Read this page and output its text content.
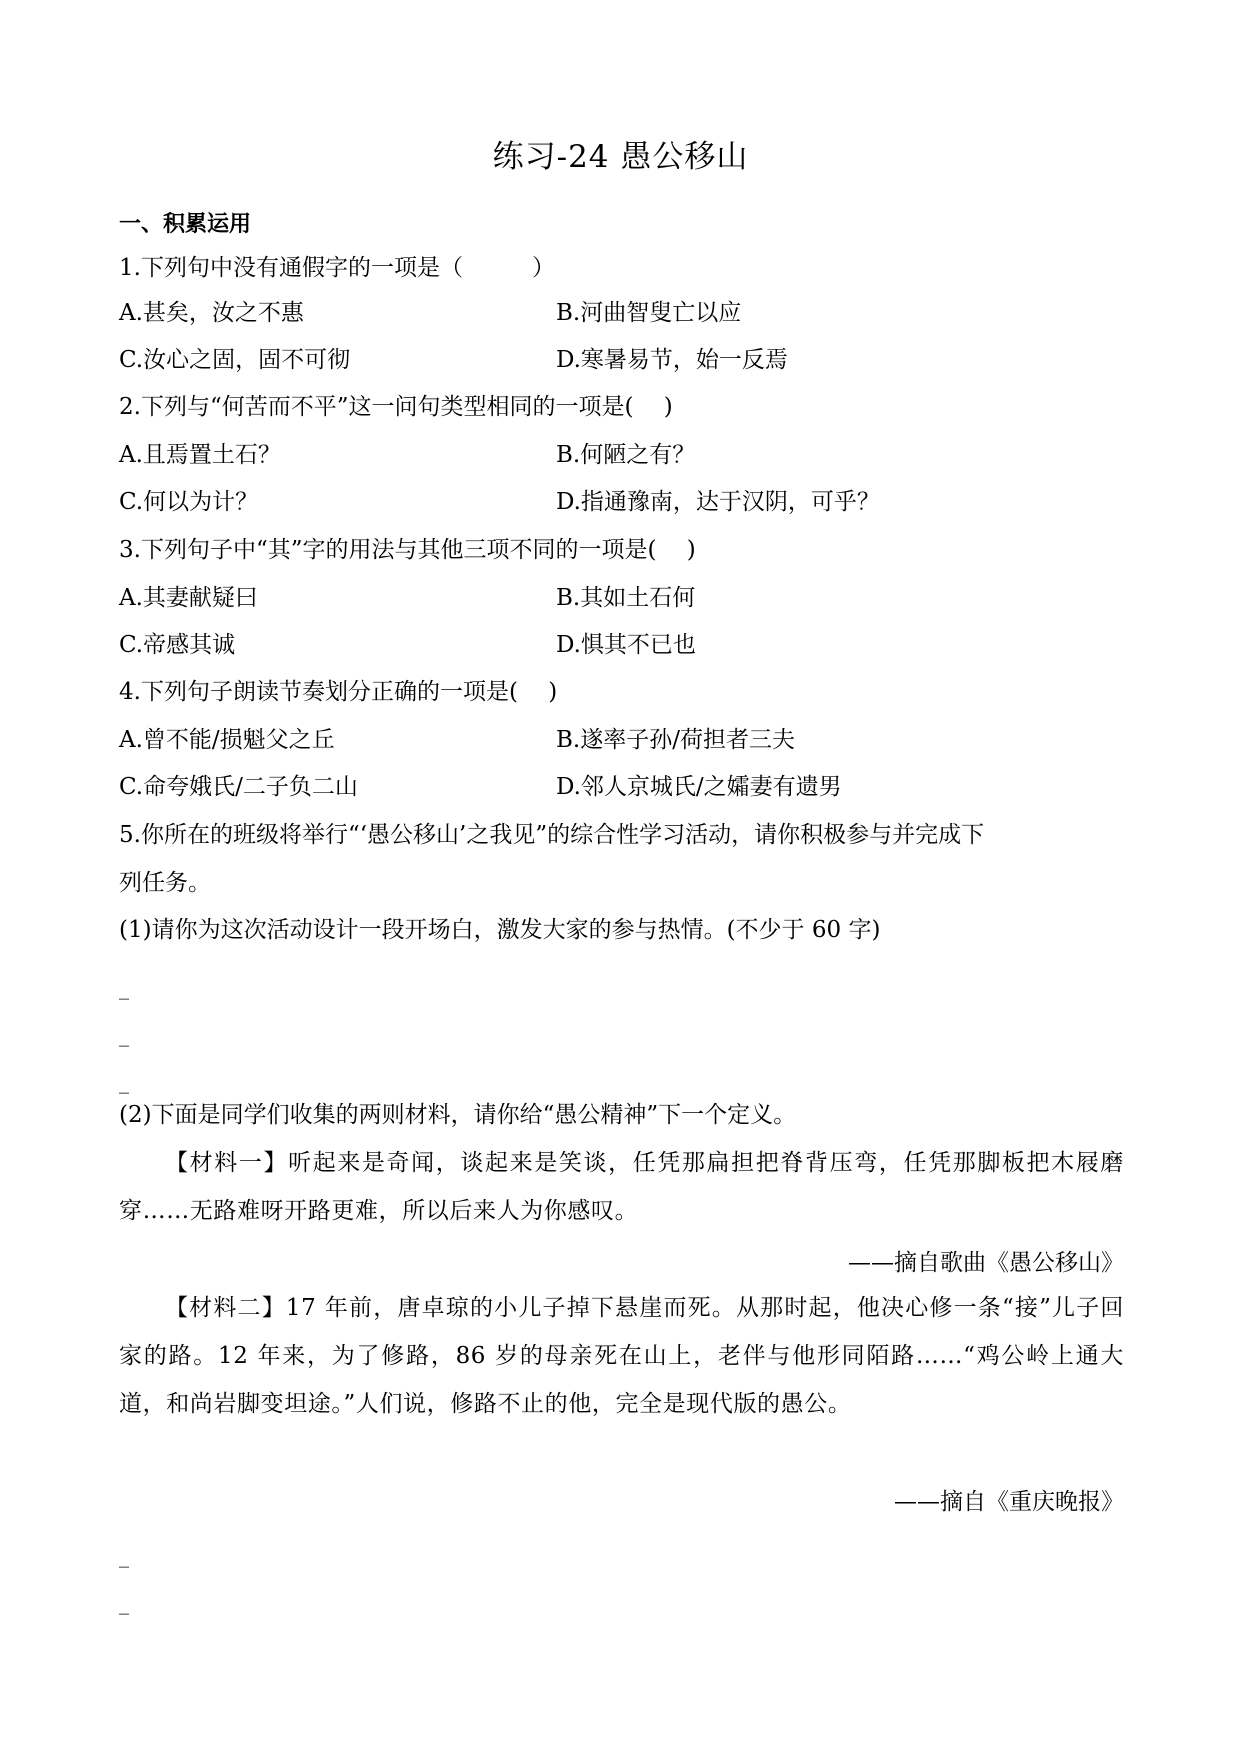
练习-24 愚公移山
一、积累运用
1.下列句中没有通假字的一项是（　　　）
A.甚矣，汝之不惠	B.河曲智叟亡以应
C.汝心之固，固不可彻	D.寒暑易节，始一反焉
2.下列与“何苦而不平”这一问句类型相同的一项是(　 )
A.且焉置土石？	B.何陋之有？
C.何以为计？	D.指通豫南，达于汉阴，可乎？
3.下列句子中“其”字的用法与其他三项不同的一项是(　 )
A.其妻献疑曰	B.其如土石何
C.帝感其诚	D.惧其不已也
4.下列句子朗读节奏划分正确的一项是(　 )
A.曾不能/损魁父之丘	B.遂率子孙/荷担者三夫
C.命夸娥氏/二子负二山	D.邻人京城氏/之孀妻有遗男
5.你所在的班级将举行“‘愚公移山’之我见”的综合性学习活动，请你积极参与并完成下
列任务。
(1)请你为这次活动设计一段开场白，激发大家的参与热情。(不少于 60 字)
_
_
_
(2)下面是同学们收集的两则材料，请你给“愚公精神”下一个定义。

【材料一】听起来是奇闻，谈起来是笑谈，任凭那扁担把脊背压弯，任凭那脚板把木屐磨穿……无路难呀开路更难，所以后来人为你感叹。

——摘自歌曲《愚公移山》

【材料二】17 年前，唐卓琼的小儿子掉下悬崖而死。从那时起，他决心修一条“接”儿子回家的路。12 年来，为了修路，86 岁的母亲死在山上，老伴与他形同陌路……“鸡公岭上通大道，和尚岩脚变坦途。”人们说，修路不止的他，完全是现代版的愚公。

——摘自《重庆晚报》
_
_
